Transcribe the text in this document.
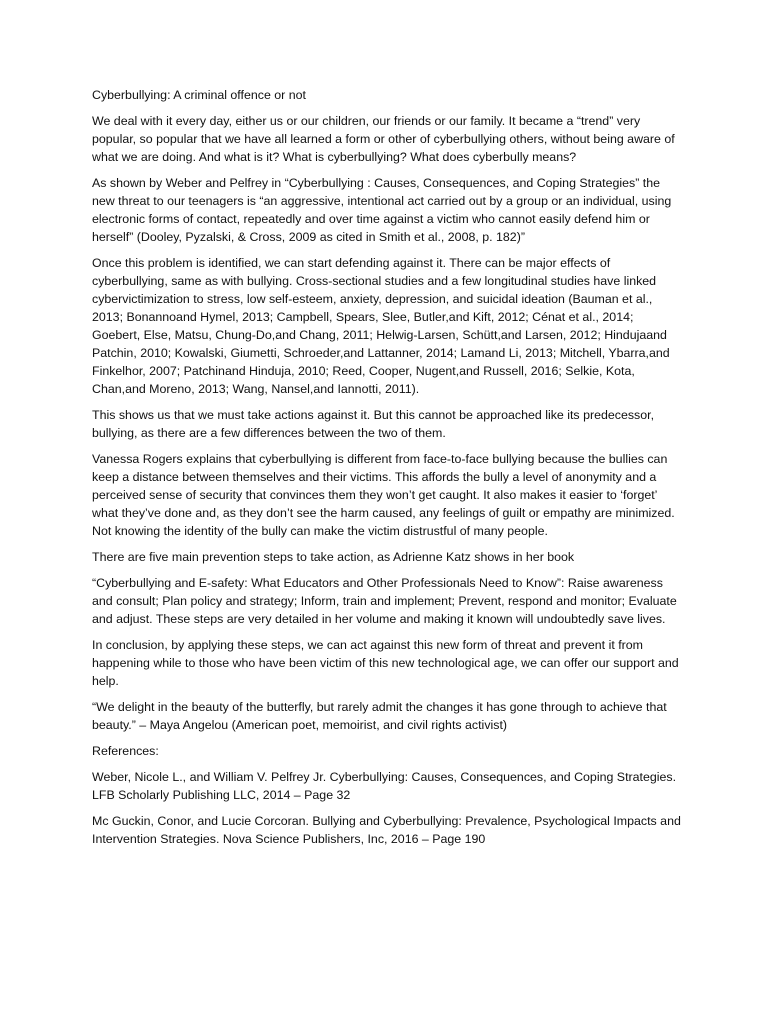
Cyberbullying: A criminal offence or not

We deal with it every day, either us or our children, our friends or our family. It became a “trend” very popular, so popular that we have all learned a form or other of cyberbullying others, without being aware of what we are doing. And what is it? What is cyberbullying? What does cyberbully means?

As shown by Weber and Pelfrey in “Cyberbullying : Causes, Consequences, and Coping Strategies” the new threat to our teenagers is “an aggressive, intentional act carried out by a group or an individual, using electronic forms of contact, repeatedly and over time against a victim who cannot easily defend him or herself” (Dooley, Pyzalski, & Cross, 2009 as cited in Smith et al., 2008, p. 182)”

Once this problem is identified, we can start defending against it. There can be major effects of cyberbullying, same as with bullying. Cross-sectional studies and a few longitudinal studies have linked cybervictimization to stress, low self-esteem, anxiety, depression, and suicidal ideation (Bauman et al., 2013; Bonannoand Hymel, 2013; Campbell, Spears, Slee, Butler,and Kift, 2012; Cénat et al., 2014; Goebert, Else, Matsu, Chung-Do,and Chang, 2011; Helwig-Larsen, Schütt,and Larsen, 2012; Hindujaand Patchin, 2010; Kowalski, Giumetti, Schroeder,and Lattanner, 2014; Lamand Li, 2013; Mitchell, Ybarra,and Finkelhor, 2007; Patchinand Hinduja, 2010; Reed, Cooper, Nugent,and Russell, 2016; Selkie, Kota, Chan,and Moreno, 2013; Wang, Nansel,and Iannotti, 2011).

This shows us that we must take actions against it. But this cannot be approached like its predecessor, bullying, as there are a few differences between the two of them.

Vanessa Rogers explains that cyberbullying is different from face-to-face bullying because the bullies can keep a distance between themselves and their victims. This affords the bully a level of anonymity and a perceived sense of security that convinces them they won’t get caught. It also makes it easier to ‘forget’ what they’ve done and, as they don’t see the harm caused, any feelings of guilt or empathy are minimized. Not knowing the identity of the bully can make the victim distrustful of many people.

There are five main prevention steps to take action, as Adrienne Katz shows in her book

“Cyberbullying and E-safety: What Educators and Other Professionals Need to Know”: Raise awareness and consult; Plan policy and strategy; Inform, train and implement; Prevent, respond and monitor; Evaluate and adjust. These steps are very detailed in her volume and making it known will undoubtedly save lives.

In conclusion, by applying these steps, we can act against this new form of threat and prevent it from happening while to those who have been victim of this new technological age, we can offer our support and help.

“We delight in the beauty of the butterfly, but rarely admit the changes it has gone through to achieve that beauty.” – Maya Angelou (American poet, memoirist, and civil rights activist)

References:

Weber, Nicole L., and William V. Pelfrey Jr. Cyberbullying: Causes, Consequences, and Coping Strategies. LFB Scholarly Publishing LLC, 2014 – Page 32

Mc Guckin, Conor, and Lucie Corcoran. Bullying and Cyberbullying: Prevalence, Psychological Impacts and Intervention Strategies. Nova Science Publishers, Inc, 2016 – Page 190
